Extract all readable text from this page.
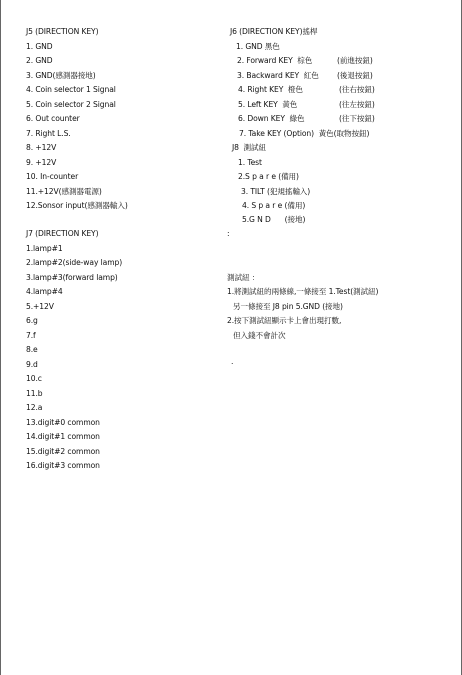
J5 (DIRECTION KEY)
1. GND
2. GND
3. GND(感測器接地)
4. Coin selector 1 Signal
5. Coin selector 2 Signal
6. Out counter
7. Right L.S.
8. +12V
9. +12V
10. In-counter
11.+12V(感測器電源)
12.Sonsor input(感測器輸入)
J7 (DIRECTION KEY)
1.lamp#1
2.lamp#2(side-way lamp)
3.lamp#3(forward lamp)
4.lamp#4
5.+12V
6.g
7.f
8.e
9.d
10.c
11.b
12.a
13.digit#0 common
14.digit#1 common
15.digit#2 common
16.digit#3 common
J6 (DIRECTION KEY)搖桿
1. GND 黑色
2. Forward KEY  棕色	(前進按鈕)
3. Backward KEY  紅色 (後退按鈕)
4. Right KEY  橙色	(往右按鈕)
5. Left KEY  黃色	(往左按鈕)
6. Down KEY  綠色	(往下按鈕)
7. Take KEY (Option)  黃色(取物按鈕)
J8  測試紐
1. Test
2.S p a r e (備用)
3. TILT (犯規搖輸入)
4. S p a r e (備用)
5.G N D      (接地)
:
測試紐 ：
1.將測試紐的兩條線,一條接至 1.Test(測試紐)
另一條接至 J8 pin 5.GND (接地)
2.按下測試紐顯示卡上會出現打數,
但入錢不會計次
.
